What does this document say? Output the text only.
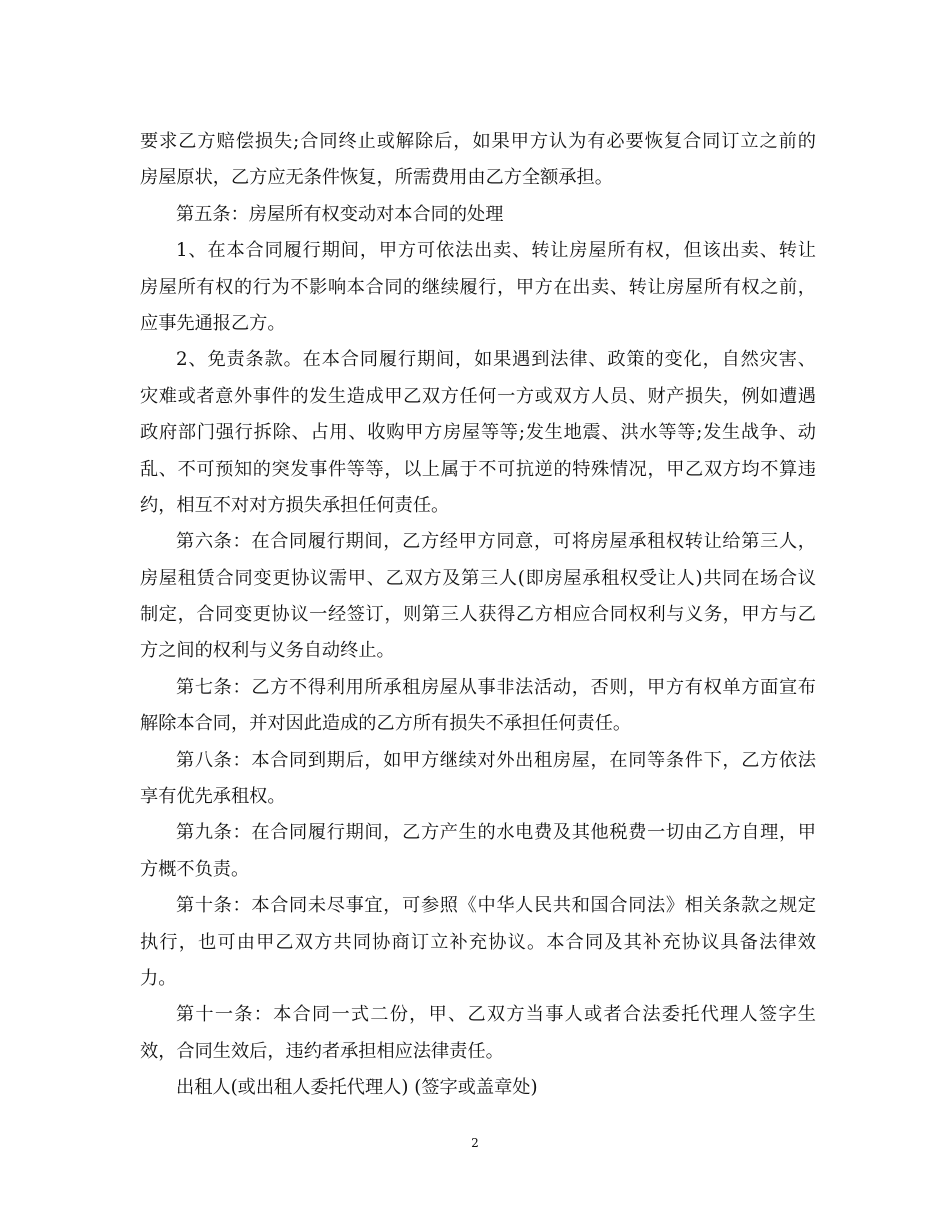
要求乙方赔偿损失;合同终止或解除后，如果甲方认为有必要恢复合同订立之前的
房屋原状，乙方应无条件恢复，所需费用由乙方全额承担。
第五条：房屋所有权变动对本合同的处理
1、在本合同履行期间，甲方可依法出卖、转让房屋所有权，但该出卖、转让
房屋所有权的行为不影响本合同的继续履行，甲方在出卖、转让房屋所有权之前，
应事先通报乙方。
2、免责条款。在本合同履行期间，如果遇到法律、政策的变化，自然灾害、
灾难或者意外事件的发生造成甲乙双方任何一方或双方人员、财产损失，例如遭遇
政府部门强行拆除、占用、收购甲方房屋等等;发生地震、洪水等等;发生战争、动
乱、不可预知的突发事件等等，以上属于不可抗逆的特殊情况，甲乙双方均不算违
约，相互不对对方损失承担任何责任。
第六条：在合同履行期间，乙方经甲方同意，可将房屋承租权转让给第三人，
房屋租赁合同变更协议需甲、乙双方及第三人(即房屋承租权受让人)共同在场合议
制定，合同变更协议一经签订，则第三人获得乙方相应合同权利与义务，甲方与乙
方之间的权利与义务自动终止。
第七条：乙方不得利用所承租房屋从事非法活动，否则，甲方有权单方面宣布
解除本合同，并对因此造成的乙方所有损失不承担任何责任。
第八条：本合同到期后，如甲方继续对外出租房屋，在同等条件下，乙方依法
享有优先承租权。
第九条：在合同履行期间，乙方产生的水电费及其他税费一切由乙方自理，甲
方概不负责。
第十条：本合同未尽事宜，可参照《中华人民共和国合同法》相关条款之规定
执行，也可由甲乙双方共同协商订立补充协议。本合同及其补充协议具备法律效
力。
第十一条：本合同一式二份，甲、乙双方当事人或者合法委托代理人签字生
效，合同生效后，违约者承担相应法律责任。
出租人(或出租人委托代理人) (签字或盖章处)
2
